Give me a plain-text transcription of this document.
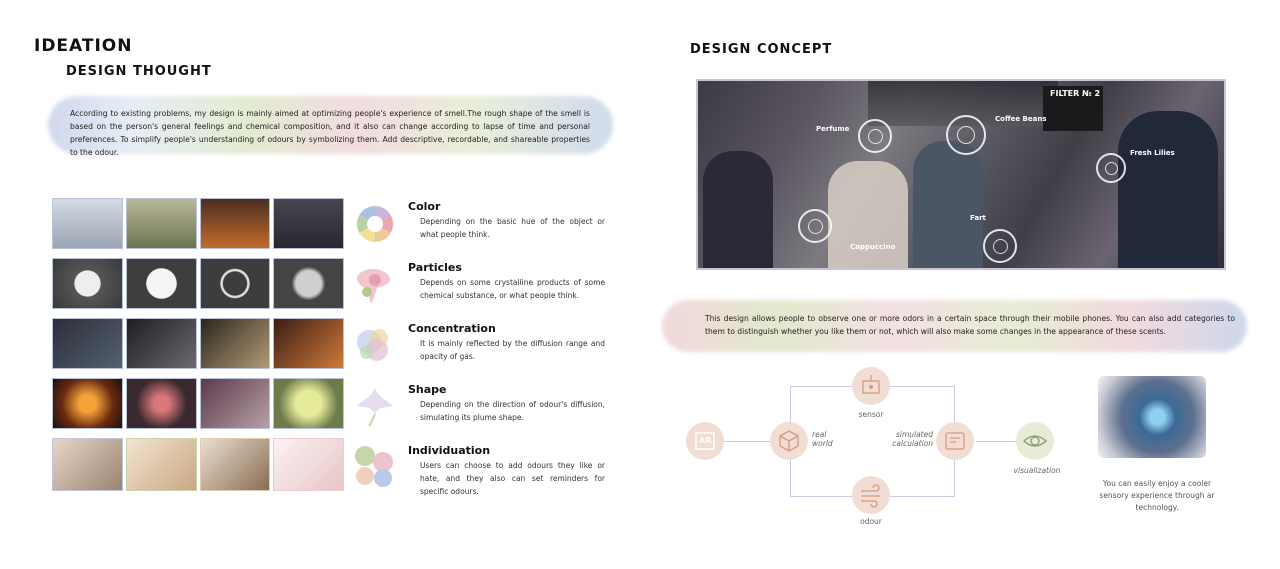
IDEATION
DESIGN THOUGHT
According to existing problems, my design is mainly aimed at optimizing people's experience of smell.The rough shape of the smell is based on the person's general feelings and chemical composition, and it also can change according to lapse of time and personal preferences. To simplify people's understanding of odours by symbolizing them. Add descriptive, recordable, and shareable properties to the odour.
Color
Depending on the basic hue of the object or what people think.
Particles
Depends on some crystalline products of some chemical substance, or what people think.
Concentration
It is mainly reflected by the diffusion range and opacity of gas.
Shape
Depending on the direction of odour's diffusion, simulating its plume shape.
Individuation
Users can choose to add odours they like or hate, and they also can set reminders for specific odours.
DESIGN CONCEPT
FILTER № 2
Perfume
Coffee Beans
Fresh Lilies
Fart
Cappuccino
This design allows people to observe one or more odors in a certain space through their mobile phones. You can also add categories to them to distinguish whether you like them or not, which will also make some changes in the appearance of these scents.
AR
real world
sensor
simulated calculation
odour
visualization
You can easily enjoy a cooler sensory experience through ar technology.
